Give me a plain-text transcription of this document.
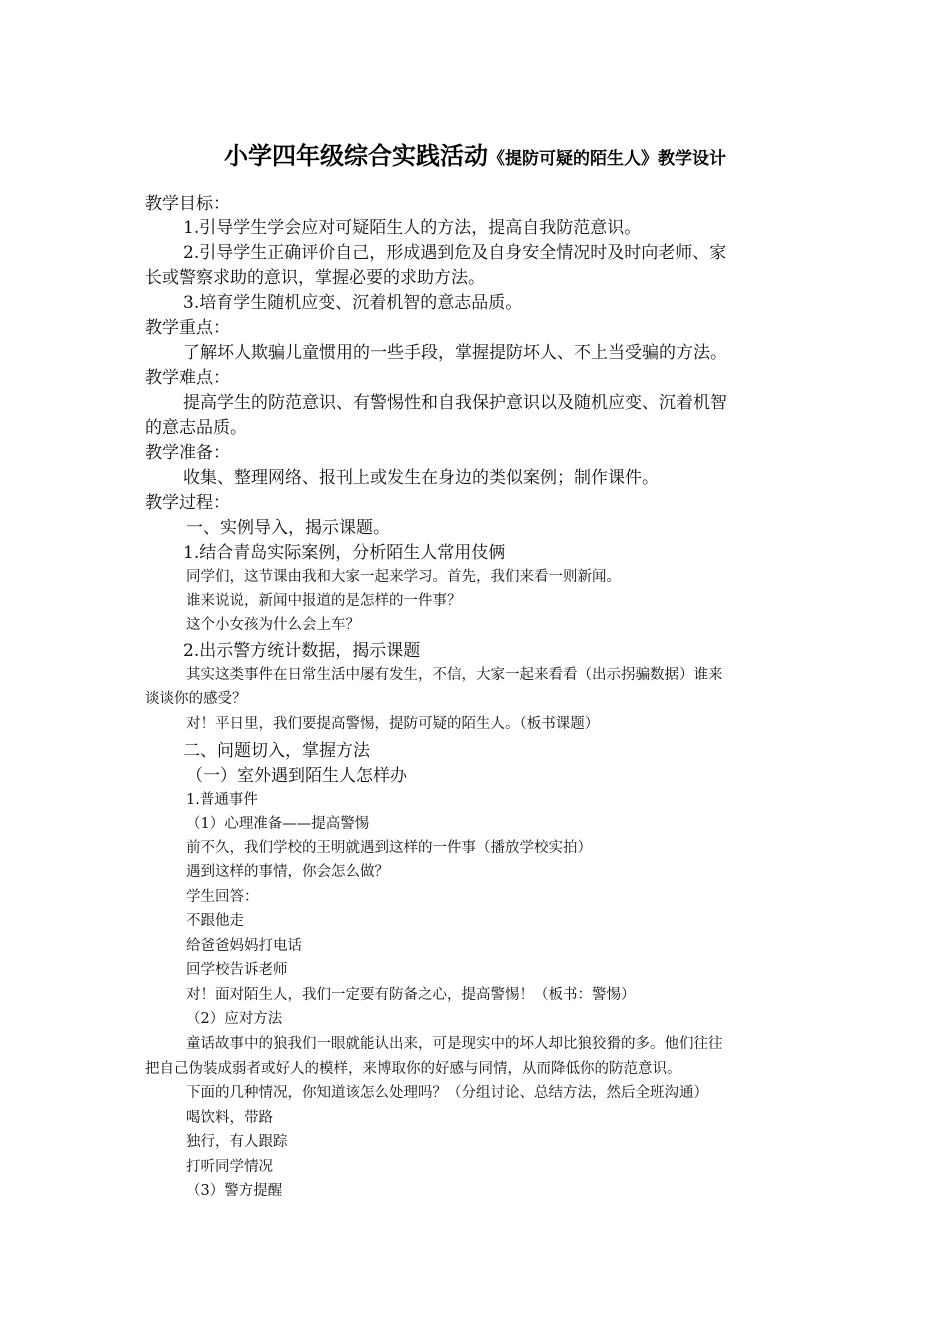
小学四年级综合实践活动《提防可疑的陌生人》教学设计
教学目标：
1.引导学生学会应对可疑陌生人的方法，提高自我防范意识。
2.引导学生正确评价自己，形成遇到危及自身安全情况时及时向老师、家
长或警察求助的意识，掌握必要的求助方法。
3.培育学生随机应变、沉着机智的意志品质。
教学重点：
了解坏人欺骗儿童惯用的一些手段，掌握提防坏人、不上当受骗的方法。
教学难点：
提高学生的防范意识、有警惕性和自我保护意识以及随机应变、沉着机智
的意志品质。
教学准备：
收集、整理网络、报刊上或发生在身边的类似案例；制作课件。
教学过程：
一、实例导入，揭示课题。
1.结合青岛实际案例，分析陌生人常用伎俩
同学们，这节课由我和大家一起来学习。首先，我们来看一则新闻。
谁来说说，新闻中报道的是怎样的一件事？
这个小女孩为什么会上车？
2.出示警方统计数据，揭示课题
其实这类事件在日常生活中屡有发生，不信，大家一起来看看（出示拐骗数据）谁来
谈谈你的感受？
对！平日里，我们要提高警惕，提防可疑的陌生人。（板书课题）
二、问题切入，掌握方法
（一）室外遇到陌生人怎样办
1.普通事件
（1）心理准备——提高警惕
前不久，我们学校的王明就遇到这样的一件事（播放学校实拍）
遇到这样的事情，你会怎么做？
学生回答：
不跟他走
给爸爸妈妈打电话
回学校告诉老师
对！面对陌生人，我们一定要有防备之心，提高警惕！（板书：警惕）
（2）应对方法
童话故事中的狼我们一眼就能认出来，可是现实中的坏人却比狼狡猾的多。他们往往
把自己伪装成弱者或好人的模样，来博取你的好感与同情，从而降低你的防范意识。
下面的几种情况，你知道该怎么处理吗？（分组讨论、总结方法，然后全班沟通）
喝饮料，带路
独行，有人跟踪
打听同学情况
（3）警方提醒
